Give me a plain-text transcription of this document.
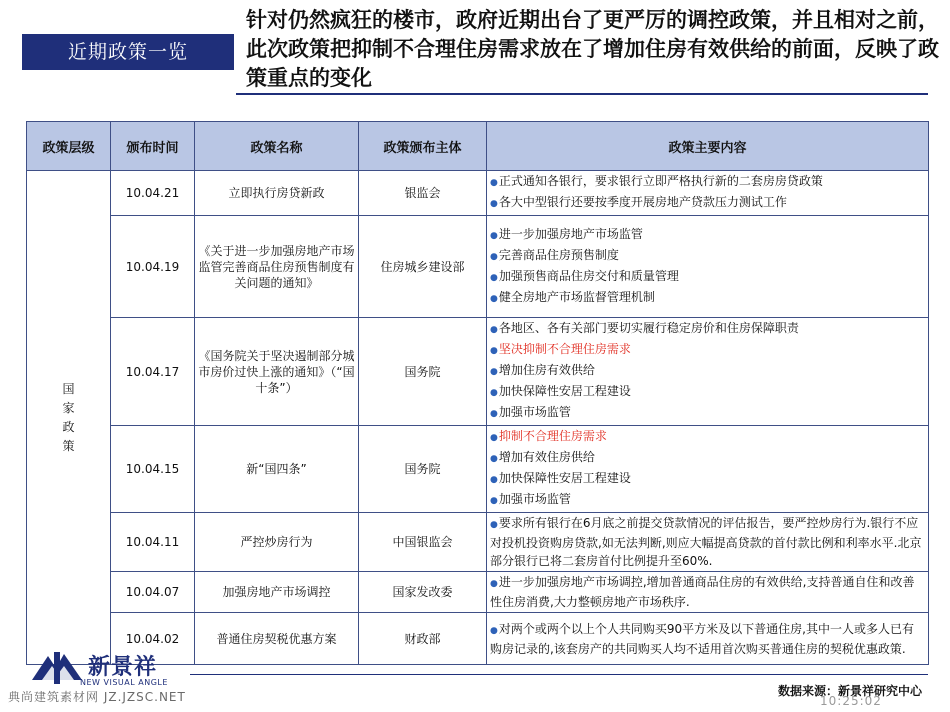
近期政策一览
针对仍然疯狂的楼市，政府近期出台了更严厉的调控政策，并且相对之前，此次政策把抑制不合理住房需求放在了增加住房有效供给的前面，反映了政策重点的变化
政策层级	颁布时间	政策名称	政策颁布主体	政策主要内容

国家政策	10.04.21	立即执行房贷新政	银监会	●正式通知各银行，要求银行立即严格执行新的二套房房贷政策
●各大中型银行还要按季度开展房地产贷款压力测试工作

	10.04.19	《关于进一步加强房地产市场监管完善商品住房预售制度有关问题的通知》	住房城乡建设部	●进一步加强房地产市场监管
●完善商品住房预售制度
●加强预售商品住房交付和质量管理
●健全房地产市场监督管理机制

	10.04.17	《国务院关于坚决遏制部分城市房价过快上涨的通知》（“国十条”）	国务院	●各地区、各有关部门要切实履行稳定房价和住房保障职责
●坚决抑制不合理住房需求
●增加住房有效供给
●加快保障性安居工程建设
●加强市场监管

	10.04.15	新“国四条”	国务院	●抑制不合理住房需求
●增加有效住房供给
●加快保障性安居工程建设
●加强市场监管

	10.04.11	严控炒房行为	中国银监会	●要求所有银行在6月底之前提交贷款情况的评估报告，要严控炒房行为.银行不应对投机投资购房贷款,如无法判断,则应大幅提高贷款的首付款比例和利率水平.北京部分银行已将二套房首付比例提升至60%.

	10.04.07	加强房地产市场调控	国家发改委	●进一步加强房地产市场调控,增加普通商品住房的有效供给,支持普通自住和改善性住房消费,大力整顿房地产市场秩序.

	10.04.02	普通住房契税优惠方案	财政部	●对两个或两个以上个人共同购买90平方米及以下普通住房,其中一人或多人已有购房记录的,该套房产的共同购买人均不适用首次购买普通住房的契税优惠政策.
新景祥
NEW VISUAL ANGLE
数据来源：新景祥研究中心
典尚建筑素材网 JZ.JZSC.NET	10:25:02
